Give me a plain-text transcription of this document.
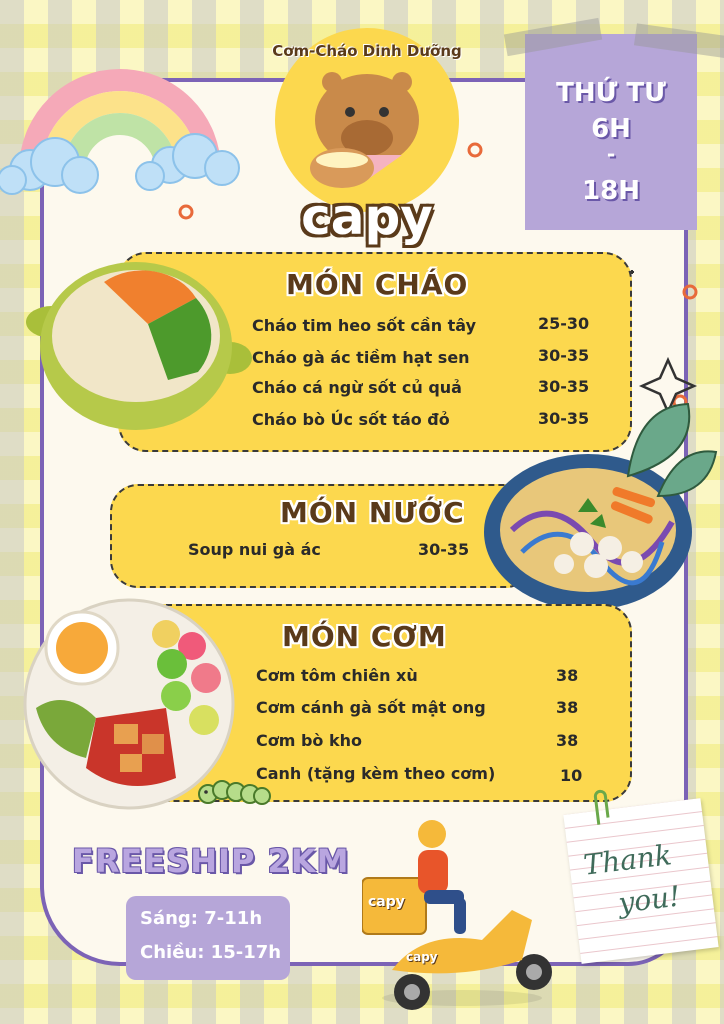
Cơm-Cháo Dinh Dưỡng
capy
THỨ TƯ
6H
-
18H
MÓN CHÁO
Cháo tim heo sốt cần tây	25-30
Cháo gà ác tiềm hạt sen	30-35
Cháo cá ngừ sốt củ quả	30-35
Cháo bò Úc sốt táo đỏ	30-35
MÓN NƯỚC
Soup nui gà ác	30-35
MÓN CƠM
Cơm tôm chiên xù	38
Cơm cánh gà sốt mật ong	38
Cơm bò kho	38
Canh (tặng kèm theo cơm)	10
FREESHIP 2KM
Sáng: 7-11h
Chiều: 15-17h
capy
capy
Thank
you!
